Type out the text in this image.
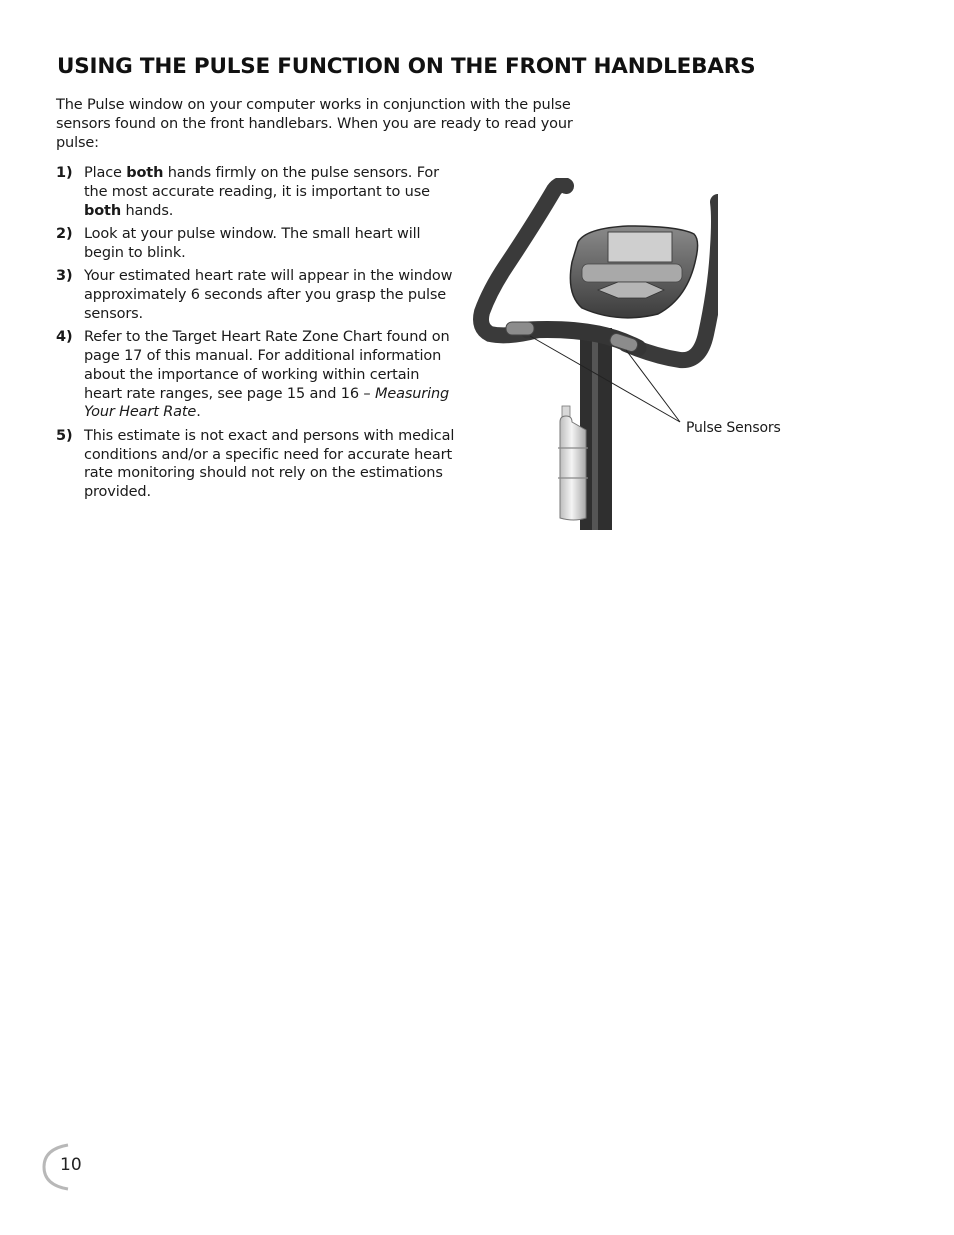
USING THE PULSE FUNCTION ON THE FRONT HANDLEBARS

The Pulse window on your computer works in conjunction with the pulse sensors found on the front handlebars. When you are ready to read your pulse:

1) Place both hands firmly on the pulse sensors. For the most accurate reading, it is important to use both hands.
2) Look at your pulse window. The small heart will begin to blink.
3) Your estimated heart rate will appear in the window approximately 6 seconds after you grasp the pulse sensors.
4) Refer to the Target Heart Rate Zone Chart found on page 17 of this manual. For additional information about the importance of working within certain heart rate ranges, see page 15 and 16 – Measuring Your Heart Rate.
5) This estimate is not exact and persons with medical conditions and/or a specific need for accurate heart rate monitoring should not rely on the estimations provided.

Pulse Sensors

10
